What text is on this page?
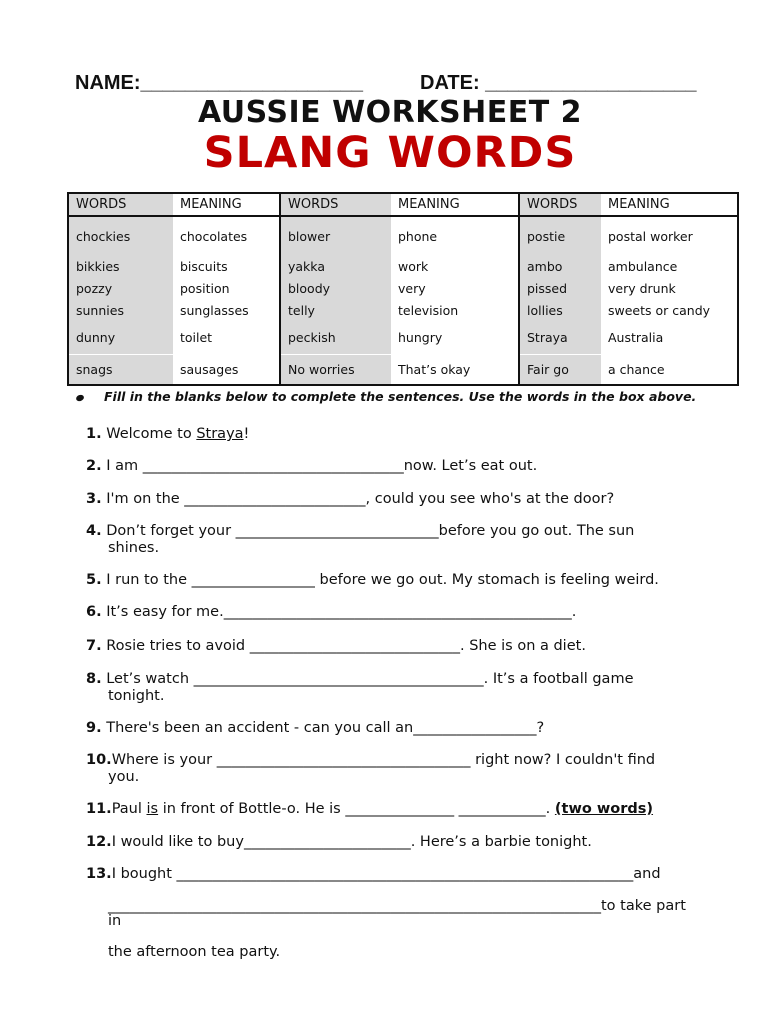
NAME:____________________	DATE: ___________________
AUSSIE WORKSHEET 2
SLANG WORDS
WORDS	MEANING	WORDS	MEANING	WORDS	MEANING
chockies	chocolates	blower	phone	postie	postal worker
bikkies	biscuits	yakka	work	ambo	ambulance
pozzy	position	bloody	very	pissed	very drunk
sunnies	sunglasses	telly	television	lollies	sweets or candy
dunny	toilet	peckish	hungry	Straya	Australia
snags	sausages	No worries	That’s okay	Fair go	a chance
Fill in the blanks below to complete the sentences. Use the words in the box above.
1. Welcome to Straya!
2. I am ____________________________________now. Let’s eat out.
3. I'm on the _________________________, could you see who's at the door?
4. Don’t forget your ____________________________before you go out. The sun
shines.
5. I run to the _________________ before we go out. My stomach is feeling weird.
6. It’s easy for me.________________________________________________.
7. Rosie tries to avoid _____________________________. She is on a diet.
8. Let’s watch ________________________________________. It’s a football game
tonight.
9. There's been an accident - can you call an_________________?
10.Where is your ___________________________________ right now? I couldn't find
you.
11.Paul is in front of Bottle-o. He is _______________ ____________. (two words)
12.I would like to buy_______________________. Here’s a barbie tonight.
13.I bought _______________________________________________________________and
____________________________________________________________________to take part
in
the afternoon tea party.
